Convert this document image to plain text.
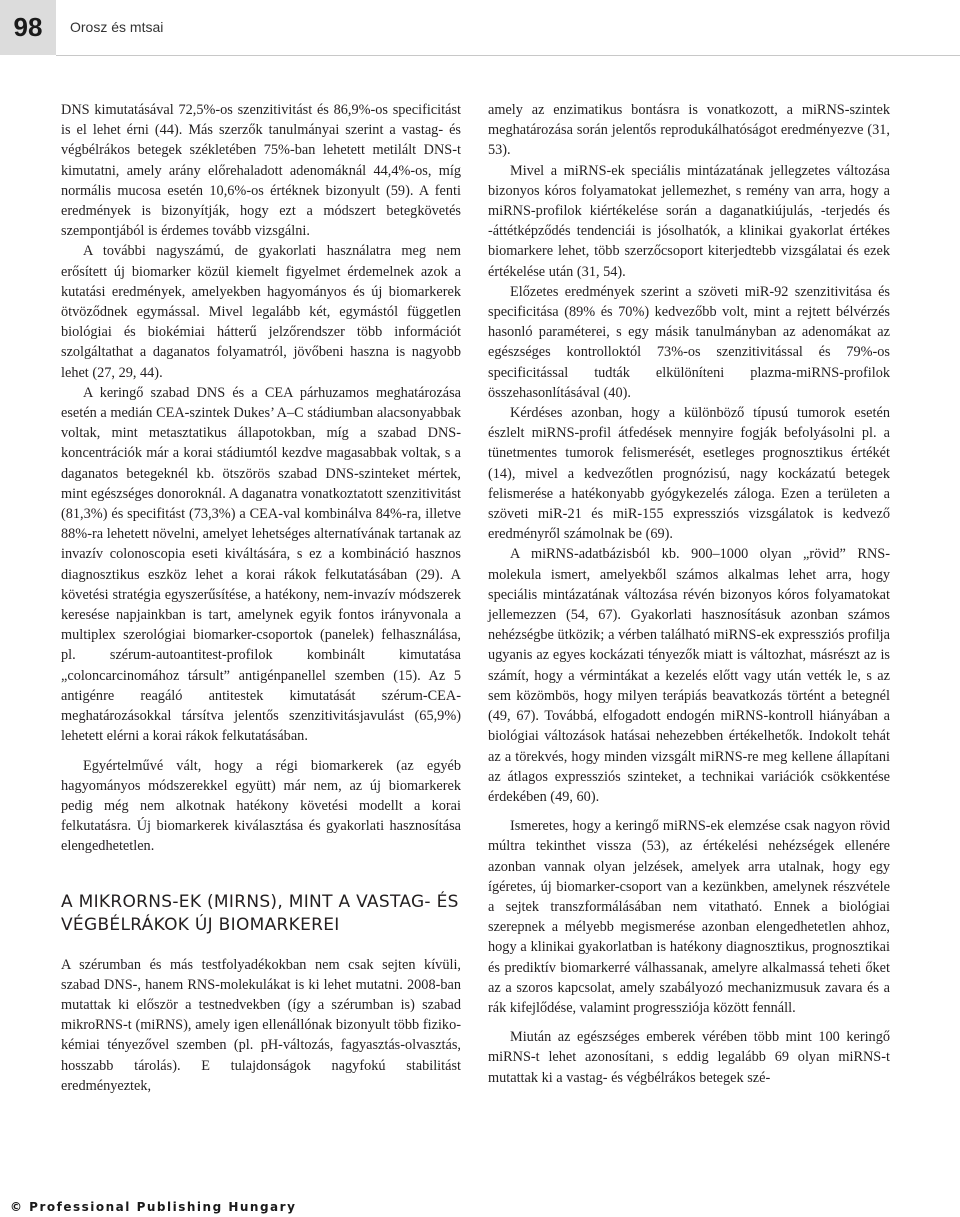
98	Orosz és mtsai

DNS kimutatásával 72,5%-os szenzitivitást és 86,9%-os specificitást is el lehet érni (44). Más szerzők tanulmányai szerint a vastag- és végbélrákos betegek székletében 75%-ban lehetett metilált DNS-t kimutatni, amely arány előrehaladott adenomáknál 44,4%-os, míg normális mucosa esetén 10,6%-os értéknek bizonyult (59). A fenti eredmények is bizonyítják, hogy ezt a módszert betegkövetés szempontjából is érdemes tovább vizsgálni.

A további nagyszámú, de gyakorlati használatra meg nem erősített új biomarker közül kiemelt figyelmet érdemelnek azok a kutatási eredmények, amelyekben hagyományos és új biomarkerek ötvöződnek egymással. Mivel legalább két, egymástól független biológiai és biokémiai hátterű jelzőrendszer több információt szolgáltathat a daganatos folyamatról, jövőbeni haszna is nagyobb lehet (27, 29, 44).

A keringő szabad DNS és a CEA párhuzamos meghatározása esetén a medián CEA-szintek Dukes’ A–C stádiumban alacsonyabbak voltak, mint metasztatikus állapotokban, míg a szabad DNS-koncentrációk már a korai stádiumtól kezdve magasabbak voltak, s a daganatos betegeknél kb. ötszörös szabad DNS-szinteket mértek, mint egészséges donoroknál. A daganatra vonatkoztatott szenzitivitást (81,3%) és specifitást (73,3%) a CEA-val kombinálva 84%-ra, illetve 88%-ra lehetett növelni, amelyet lehetséges alternatívának tartanak az invazív colonoscopia eseti kiváltására, s ez a kombináció hasznos diagnosztikus eszköz lehet a korai rákok felkutatásában (29). A követési stratégia egyszerűsítése, a hatékony, nem-invazív módszerek keresése napjainkban is tart, amelynek egyik fontos irányvonala a multiplex szerológiai biomarker-csoportok (panelek) felhasználása, pl. szérum-autoantitest-profilok kombinált kimutatása „coloncarcinomához társult” antigénpanellel szemben (15). Az 5 antigénre reagáló antitestek kimutatását szérum-CEA-meghatározásokkal társítva jelentős szenzitivitásjavulást (65,9%) lehetett elérni a korai rákok felkutatásában.

Egyértelművé vált, hogy a régi biomarkerek (az egyéb hagyományos módszerekkel együtt) már nem, az új biomarkerek pedig még nem alkotnak hatékony követési modellt a korai felkutatásra. Új biomarkerek kiválasztása és gyakorlati hasznosítása elengedhetetlen.

A MIKRORNS-EK (MIRNS), MINT A VASTAG- ÉS VÉGBÉLRÁKOK ÚJ BIOMARKEREI

A szérumban és más testfolyadékokban nem csak sejten kívüli, szabad DNS-, hanem RNS-molekulákat is ki lehet mutatni. 2008-ban mutattak ki először a testnedvekben (így a szérumban is) szabad mikroRNS-t (miRNS), amely igen ellenállónak bizonyult több fiziko-kémiai tényezővel szemben (pl. pH-változás, fagyasztás-olvasztás, hosszabb tárolás). E tulajdonságok nagyfokú stabilitást eredményeztek,

amely az enzimatikus bontásra is vonatkozott, a miRNS-szintek meghatározása során jelentős reprodukálhatóságot eredményezve (31, 53).

Mivel a miRNS-ek speciális mintázatának jellegzetes változása bizonyos kóros folyamatokat jellemezhet, s remény van arra, hogy a miRNS-profilok kiértékelése során a daganatkiújulás, -terjedés és -áttétképződés tendenciái is jósolhatók, a klinikai gyakorlat értékes biomarkere lehet, több szerzőcsoport kiterjedtebb vizsgálatai és ezek értékelése után (31, 54).

Előzetes eredmények szerint a szöveti miR-92 szenzitivitása és specificitása (89% és 70%) kedvezőbb volt, mint a rejtett bélvérzés hasonló paraméterei, s egy másik tanulmányban az adenomákat az egészséges kontrolloktól 73%-os szenzitivitással és 79%-os specificitással tudták elkülöníteni plazma-miRNS-profilok összehasonlításával (40).

Kérdéses azonban, hogy a különböző típusú tumorok esetén észlelt miRNS-profil átfedések mennyire fogják befolyásolni pl. a tünetmentes tumorok felismerését, esetleges prognosztikus értékét (14), mivel a kedvezőtlen prognózisú, nagy kockázatú betegek felismerése a hatékonyabb gyógykezelés záloga. Ezen a területen a szöveti miR-21 és miR-155 expressziós vizsgálatok is kedvező eredményről számolnak be (69).

A miRNS-adatbázisból kb. 900–1000 olyan „rövid” RNS-molekula ismert, amelyekből számos alkalmas lehet arra, hogy speciális mintázatának változása révén bizonyos kóros folyamatokat jellemezzen (54, 67). Gyakorlati hasznosításuk azonban számos nehézségbe ütközik; a vérben található miRNS-ek expressziós profilja ugyanis az egyes kockázati tényezők miatt is változhat, másrészt az is számít, hogy a vérmintákat a kezelés előtt vagy után vették le, s az sem közömbös, hogy milyen terápiás beavatkozás történt a betegnél (49, 67). Továbbá, elfogadott endogén miRNS-kontroll hiányában a biológiai változások hatásai nehezebben értékelhetők. Indokolt tehát az a törekvés, hogy minden vizsgált miRNS-re meg kellene állapítani az átlagos expressziós szinteket, a technikai variációk csökkentése érdekében (49, 60).

Ismeretes, hogy a keringő miRNS-ek elemzése csak nagyon rövid múltra tekinthet vissza (53), az értékelési nehézségek ellenére azonban vannak olyan jelzések, amelyek arra utalnak, hogy egy ígéretes, új biomarker-csoport van a kezünkben, amelynek részvétele a sejtek transzformálásában nem vitatható. Ennek a biológiai szerepnek a mélyebb megismerése azonban elengedhetetlen ahhoz, hogy a klinikai gyakorlatban is hatékony diagnosztikus, prognosztikai és prediktív biomarkerré válhassanak, amelyre alkalmassá teheti őket az a szoros kapcsolat, amely szabályozó mechanizmusuk zavara és a rák kifejlődése, valamint progressziója között fennáll.

Miután az egészséges emberek vérében több mint 100 keringő miRNS-t lehet azonosítani, s eddig legalább 69 olyan miRNS-t mutattak ki a vastag- és végbélrákos betegek szé-

© Professional Publishing Hungary
